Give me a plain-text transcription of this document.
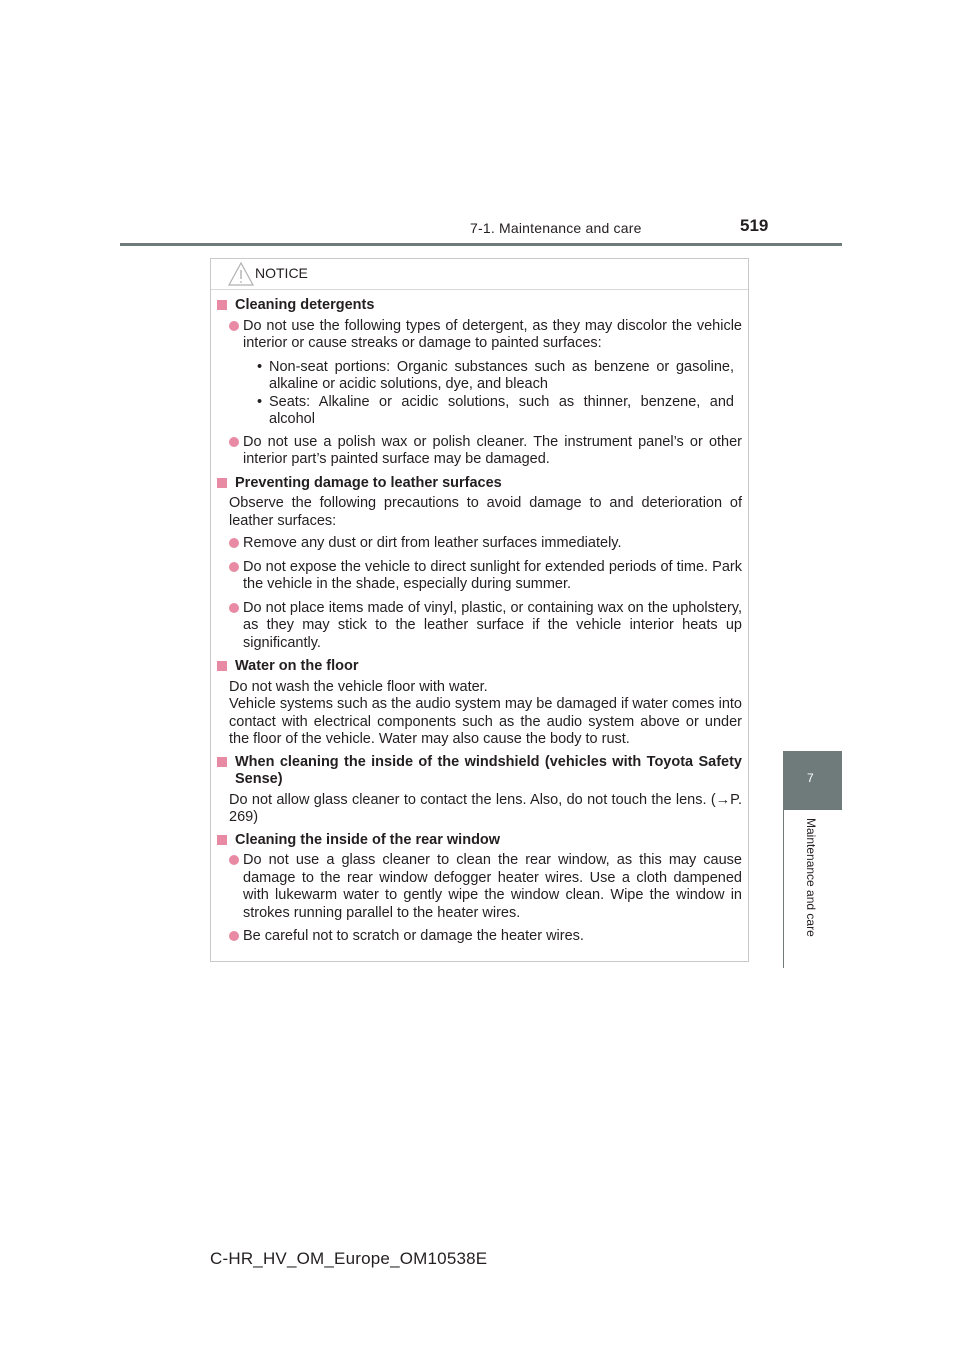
7-1. Maintenance and care	519
7
Maintenance and care
NOTICE
Cleaning detergents
Do not use the following types of detergent, as they may discolor the vehicle interior or cause streaks or damage to painted surfaces:
• Non-seat portions: Organic substances such as benzene or gasoline, alkaline or acidic solutions, dye, and bleach
• Seats: Alkaline or acidic solutions, such as thinner, benzene, and alcohol
Do not use a polish wax or polish cleaner. The instrument panel’s or other interior part’s painted surface may be damaged.
Preventing damage to leather surfaces
Observe the following precautions to avoid damage to and deterioration of leather surfaces:
Remove any dust or dirt from leather surfaces immediately.
Do not expose the vehicle to direct sunlight for extended periods of time. Park the vehicle in the shade, especially during summer.
Do not place items made of vinyl, plastic, or containing wax on the upholstery, as they may stick to the leather surface if the vehicle interior heats up significantly.
Water on the floor
Do not wash the vehicle floor with water.
Vehicle systems such as the audio system may be damaged if water comes into contact with electrical components such as the audio system above or under the floor of the vehicle. Water may also cause the body to rust.
When cleaning the inside of the windshield (vehicles with Toyota Safety Sense)
Do not allow glass cleaner to contact the lens. Also, do not touch the lens. (→P. 269)
Cleaning the inside of the rear window
Do not use a glass cleaner to clean the rear window, as this may cause damage to the rear window defogger heater wires. Use a cloth dampened with lukewarm water to gently wipe the window clean. Wipe the window in strokes running parallel to the heater wires.
Be careful not to scratch or damage the heater wires.
C-HR_HV_OM_Europe_OM10538E
